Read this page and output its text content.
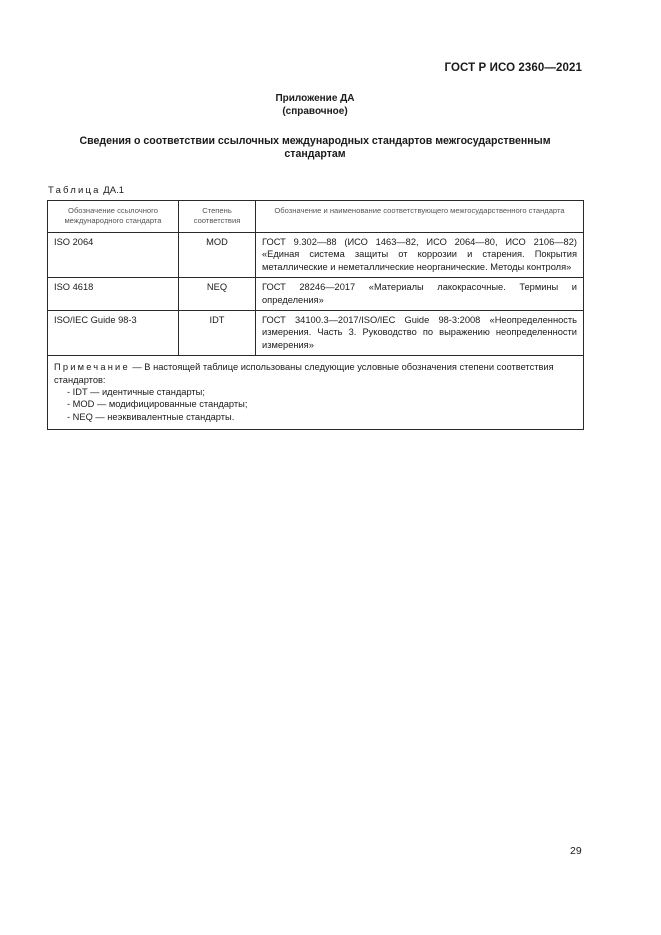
ГОСТ Р ИСО 2360—2021
Приложение ДА
(справочное)
Сведения о соответствии ссылочных международных стандартов межгосударственным стандартам
Таблица ДА.1
Обозначение ссылочного международного стандарта	Степень соответствия	Обозначение и наименование соответствующего межгосударственного стандарта
ISO 2064	MOD	ГОСТ 9.302—88 (ИСО 1463—82, ИСО 2064—80, ИСО 2106—82) «Единая система защиты от коррозии и старения. Покрытия металлические и неметаллические неорганические. Методы контроля»
ISO 4618	NEQ	ГОСТ 28246—2017 «Материалы лакокрасочные. Термины и определения»
ISO/IEC Guide 98-3	IDT	ГОСТ 34100.3—2017/ISO/IEC Guide 98-3:2008 «Неопределенность измерения. Часть 3. Руководство по выражению неопределенности измерения»

Примечание — В настоящей таблице использованы следующие условные обозначения степени соответствия стандартов:
- IDT — идентичные стандарты;
- MOD — модифицированные стандарты;
- NEQ — неэквивалентные стандарты.		
29
